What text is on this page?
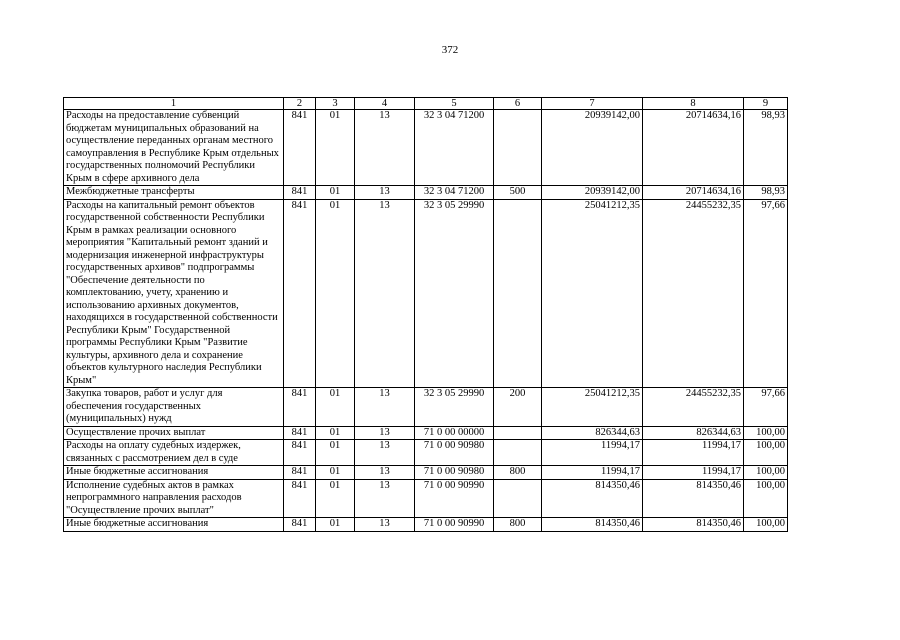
372
1	2	3	4	5	6	7	8	9
Расходы на предоставление субвенций бюджетам муниципальных образований на осуществление переданных органам местного самоуправления в Республике Крым отдельных государственных полномочий Республики Крым в сфере архивного дела	841	01	13	32 3 04 71200		20939142,00	20714634,16	98,93
Межбюджетные трансферты	841	01	13	32 3 04 71200	500	20939142,00	20714634,16	98,93
Расходы на капитальный ремонт объектов государственной собственности Республики Крым в рамках реализации основного мероприятия "Капитальный ремонт зданий и модернизация инженерной инфраструктуры государственных архивов" подпрограммы "Обеспечение деятельности по комплектованию, учету, хранению и использованию архивных документов, находящихся в государственной собственности Республики Крым" Государственной программы Республики Крым "Развитие культуры, архивного дела и сохранение объектов культурного наследия Республики Крым"	841	01	13	32 3 05 29990		25041212,35	24455232,35	97,66
Закупка товаров, работ и услуг для обеспечения государственных (муниципальных) нужд	841	01	13	32 3 05 29990	200	25041212,35	24455232,35	97,66
Осуществление прочих выплат	841	01	13	71 0 00 00000		826344,63	826344,63	100,00
Расходы на оплату судебных издержек, связанных с рассмотрением дел в суде	841	01	13	71 0 00 90980		11994,17	11994,17	100,00
Иные бюджетные ассигнования	841	01	13	71 0 00 90980	800	11994,17	11994,17	100,00
Исполнение судебных актов в рамках непрограммного направления расходов "Осуществление прочих выплат"	841	01	13	71 0 00 90990		814350,46	814350,46	100,00
Иные бюджетные ассигнования	841	01	13	71 0 00 90990	800	814350,46	814350,46	100,00
